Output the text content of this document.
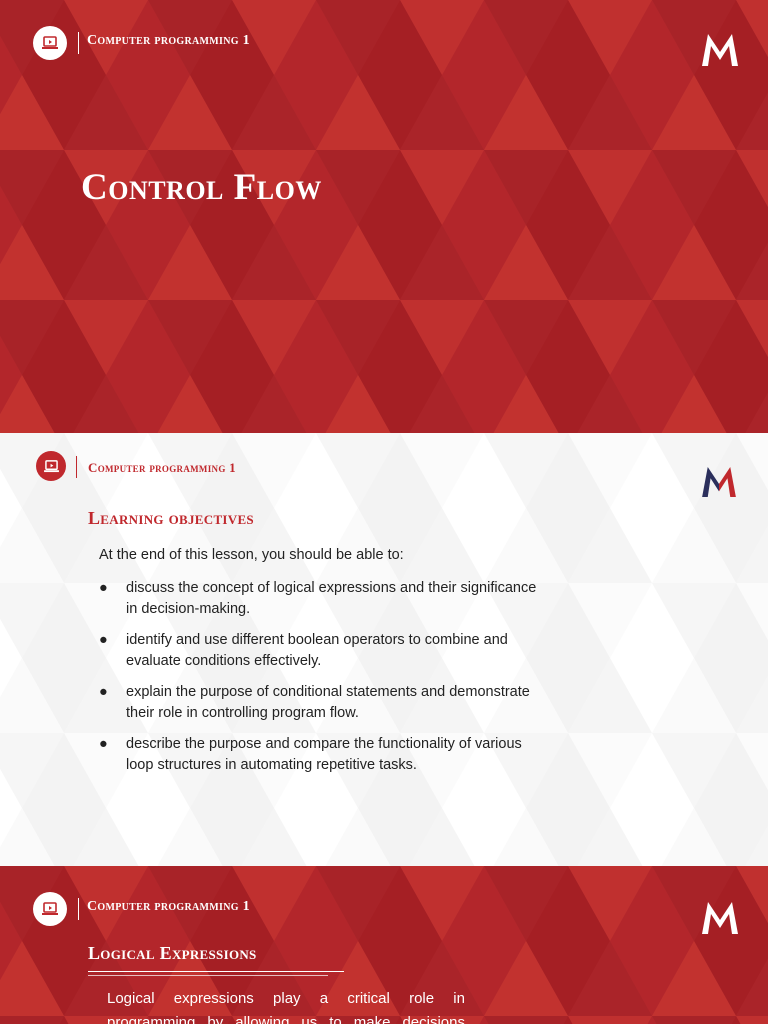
Computer programming 1
Control Flow
Computer programming 1
Learning objectives

At the end of this lesson, you should be able to:

● discuss the concept of logical expressions and their significance in decision-making.
● identify and use different boolean operators to combine and evaluate conditions effectively.
● explain the purpose of conditional statements and demonstrate their role in controlling program flow.
● describe the purpose and compare the functionality of various loop structures in automating repetitive tasks.
Computer programming 1
Logical Expressions

Logical expressions play a critical role in programming by allowing us to make decisions
